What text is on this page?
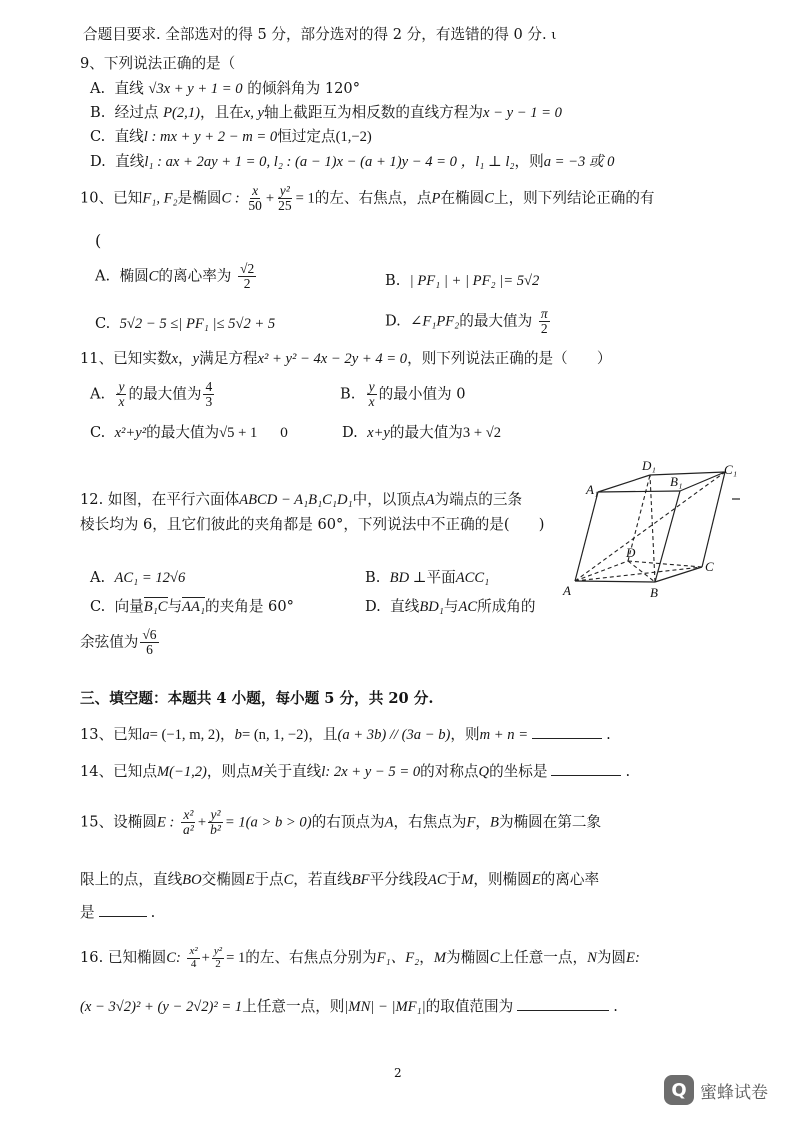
合题目要求. 全部选对的得 5 分，部分选对的得 2 分，有选错的得 0 分. ι
9、下列说法正确的是（
A. 直线 √3x + y + 1 = 0 的倾斜角为 120°
B. 经过点 P(2,1)，且在x, y轴上截距互为相反数的直线方程为x − y − 1 = 0
C. 直线l : mx + y + 2 − m = 0恒过定点(1,−2)
D. 直线l₁ : ax + 2ay + 1 = 0, l₂ : (a − 1)x − (a + 1)y − 4 = 0 ，l₁ ⊥ l₂，则a = −3 或 0
10、已知F₁, F₂是椭圆C : $\frac{x}{50} + \frac{\text{y²}}{25} = 1$的左、右焦点，点P在椭圆C上，则下列结论正确的有
(
A. 椭圆C的离心率为 $\frac{√2}{2}$	B. | PF₁ | + | PF₂ |= 5√2
C. 5√2 − 5 ≤| PF₁ |≤ 5√2 + 5	D. ∠F₁PF₂的最大值为 $\frac{\pi}{2}$
11、已知实数x，y满足方程x² + y² − 4x − 2y + 4 = 0，则下列说法正确的是（　　）
A. $\frac{y}{x}$ 的最大值为 $\frac{4}{3}$	B. $\frac{y}{x}$ 的最小值为 0
C. x²+y²的最大值为√5 + 1 0	D. x+y的最大值为3 + √2
12. 如图，在平行六面体ABCD − A₁B₁C₁D₁中，以顶点A为端点的三条
棱长均为 6，且它们彼此的夹角都是 60°，下列说法中不正确的是(　　)
A. AC₁ = 12√6	B. BD ⊥平面ACC₁
C. 向量B₁C与AA₁的夹角是 60°	D. 直线BD₁与AC所成角的
余弦值为 $\frac{√6}{6}$
A	B
C
D
A₁
B₁
C₁
D₁
三、填空题：本题共 4 小题，每小题 5 分，共 20 分.
13、已知a= (−1, m, 2)，b= (n, 1, −2)，且(a + 3b) // (3a − b)，则m + n =	.
14、已知点M(−1,2)，则点M关于直线l: 2x + y − 5 = 0的对称点Q的坐标是	.
15、设椭圆E : $\frac{\text{x²}}{\text{a²}} + \frac{\text{y²}}{\text{b²}} = 1(a > b > 0)$的右顶点为A，右焦点为F，B为椭圆在第二象
限上的点，直线BO交椭圆E于点C，若直线BF平分线段AC于M，则椭圆E的离心率
是	.
16. 已知椭圆C: $\frac{\text{x²}}{4} + \frac{\text{y²}}{2} = 1$的左、右焦点分别为F₁、F₂，M为椭圆C上任意一点，N为圆E:
(x − 3√2)² + (y − 2√2)² = 1上任意一点，则|MN| − |MF₁|的取值范围为	.
2
Q 蜜蜂试卷
